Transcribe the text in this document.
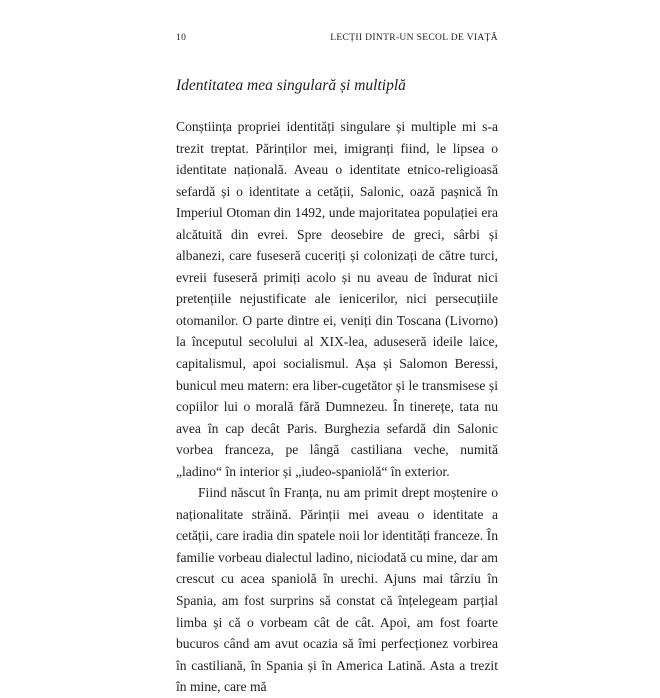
10	LECȚII DINTR-UN SECOL DE VIAȚĂ
Identitatea mea singulară și multiplă

Conștiința propriei identități singulare și multiple mi s-a trezit treptat. Părinților mei, imigranți fiind, le lipsea o identitate națională. Aveau o identitate etnico-religioasă sefardă și o identitate a cetății, Salonic, oază pașnică în Imperiul Otoman din 1492, unde majoritatea populației era alcătuită din evrei. Spre deosebire de greci, sârbi și albanezi, care fuseseră cuceriți și colonizați de către turci, evreii fuseseră primiți acolo și nu aveau de îndurat nici pretențiile nejustificate ale ienicerilor, nici persecuțiile otomanilor. O parte dintre ei, veniți din Toscana (Livorno) la începutul secolului al XIX-lea, aduseseră ideile laice, capitalismul, apoi socialismul. Așa și Salomon Beressi, bunicul meu matern: era liber-cugetător și le transmisese și copiilor lui o morală fără Dumnezeu. În tinerețe, tata nu avea în cap decât Paris. Burghezia sefardă din Salonic vorbea franceza, pe lângă castiliana veche, numită „ladino“ în interior și „iudeo-spaniolă“ în exterior.

Fiind născut în Franța, nu am primit drept moștenire o naționalitate străină. Părinții mei aveau o identitate a cetății, care iradia din spatele noii lor identități franceze. În familie vorbeau dialectul ladino, niciodată cu mine, dar am crescut cu acea spaniolă în urechi. Ajuns mai târziu în Spania, am fost surprins să constat că înțelegeam parțial limba și că o vorbeam cât de cât. Apoi, am fost foarte bucuros când am avut ocazia să îmi perfecționez vorbirea în castiliană, în Spania și în America Latină. Asta a trezit în mine, care mă
